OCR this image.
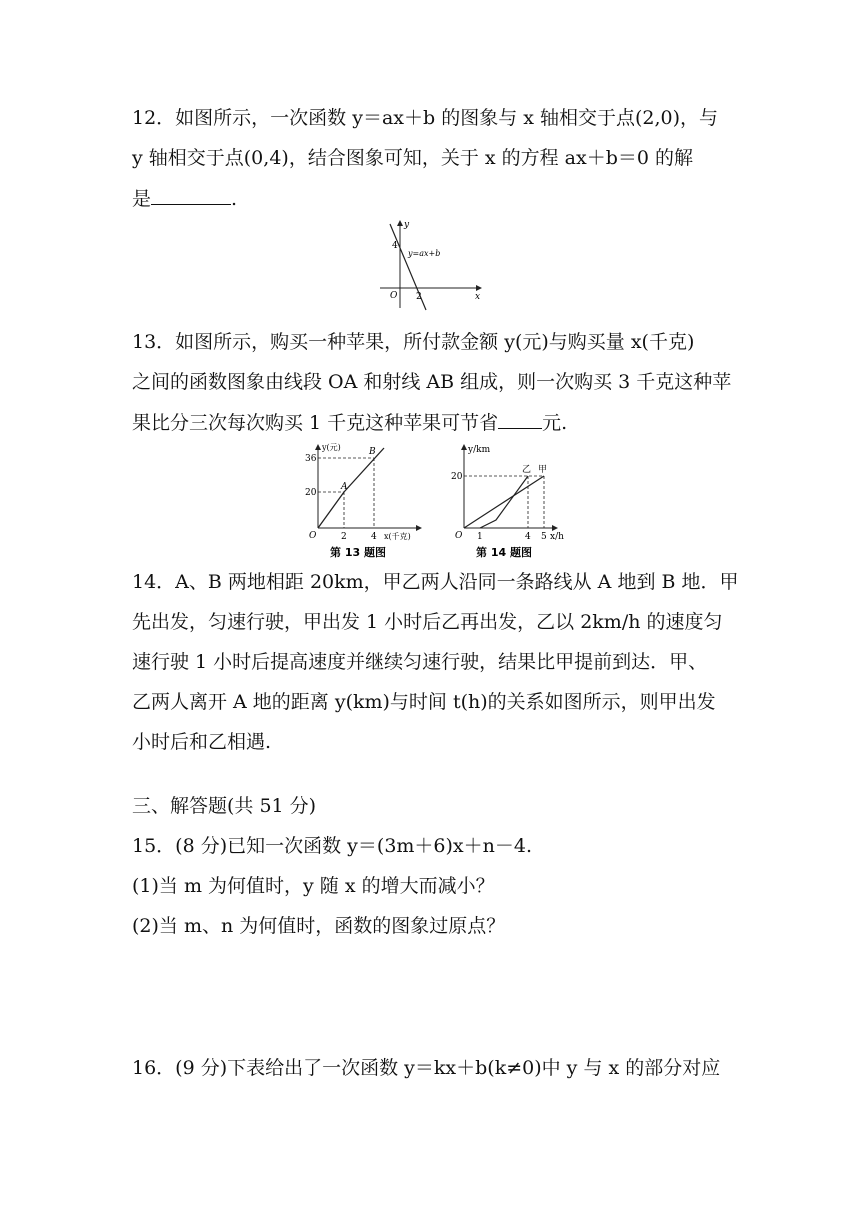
12．如图所示，一次函数 y＝ax＋b 的图象与 x 轴相交于点(2,0)，与
y 轴相交于点(0,4)，结合图象可知，关于 x 的方程 ax＋b＝0 的解
是	.
y
x
O
4
2
y=ax+b
13．如图所示，购买一种苹果，所付款金额 y(元)与购买量 x(千克)
之间的函数图象由线段 OA 和射线 AB 组成，则一次购买 3 千克这种苹
果比分三次每次购买 1 千克这种苹果可节省 元.
y(元)
x(千克)
O
36
20
2	4
A
B
第 13 题图
y/km
x/h
O
20
1	4 5
乙 甲
第 14 题图
14．A、B 两地相距 20km，甲乙两人沿同一条路线从 A 地到 B 地．甲
先出发，匀速行驶，甲出发 1 小时后乙再出发，乙以 2km/h 的速度匀
速行驶 1 小时后提高速度并继续匀速行驶，结果比甲提前到达．甲、
乙两人离开 A 地的距离 y(km)与时间 t(h)的关系如图所示，则甲出发
小时后和乙相遇.
三、解答题(共 51 分)
15．(8 分)已知一次函数 y＝(3m＋6)x＋n－4.
(1)当 m 为何值时，y 随 x 的增大而减小？
(2)当 m、n 为何值时，函数的图象过原点？
16．(9 分)下表给出了一次函数 y＝kx＋b(k≠0)中 y 与 x 的部分对应
